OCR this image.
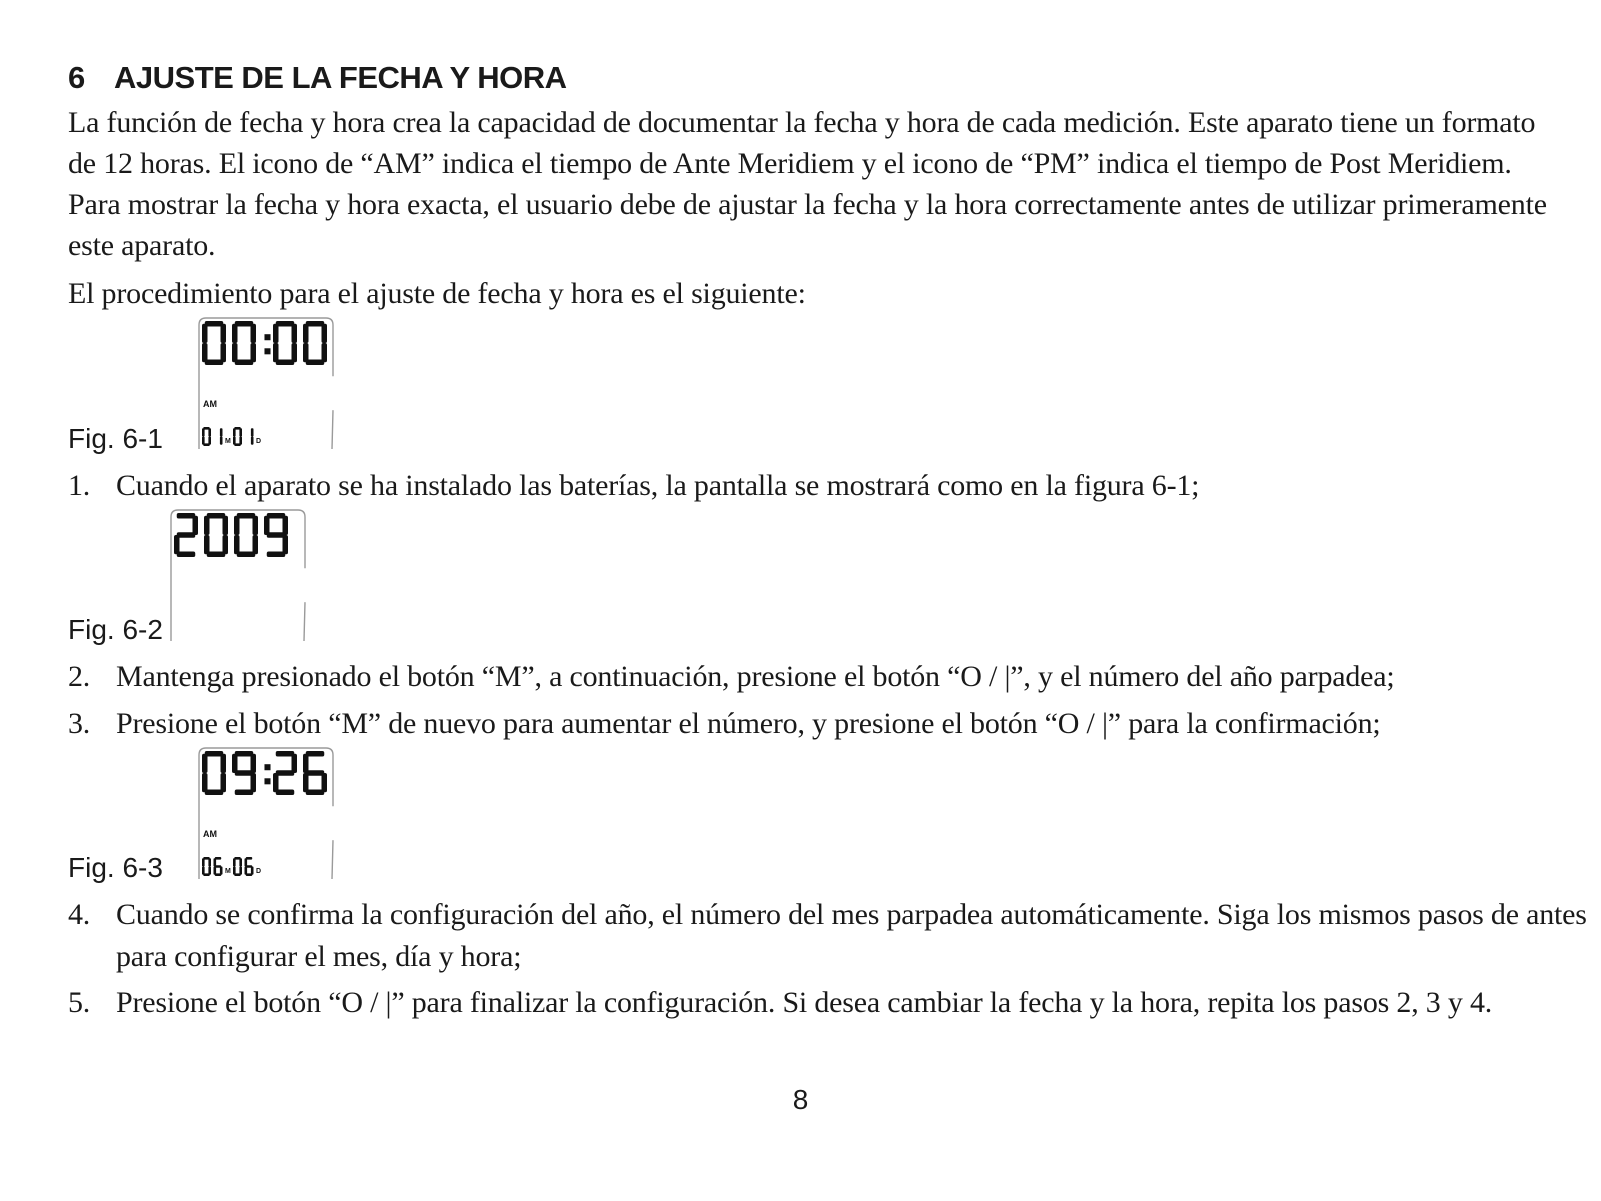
6 AJUSTE DE LA FECHA Y HORA
La función de fecha y hora crea la capacidad de documentar la fecha y hora de cada medición. Este aparato tiene un formato de 12 horas. El icono de “AM” indica el tiempo de Ante Meridiem y el icono de “PM” indica el tiempo de Post Meridiem. Para mostrar la fecha y hora exacta, el usuario debe de ajustar la fecha y la hora correctamente antes de utilizar primeramente este aparato.
El procedimiento para el ajuste de fecha y hora es el siguiente:
AM
M	D
Fig. 6-1
1. Cuando el aparato se ha instalado las baterías, la pantalla se mostrará como en la figura 6-1;
Fig. 6-2
2. Mantenga presionado el botón “M”, a continuación, presione el botón “O / |”, y el número del año parpadea;
3. Presione el botón “M” de nuevo para aumentar el número, y presione el botón “O / |” para la confirmación;
AM
M	D
Fig. 6-3
4. Cuando se confirma la configuración del año, el número del mes parpadea automáticamente. Siga los mismos pasos de antes para configurar el mes, día y hora;
5. Presione el botón “O / |” para finalizar la configuración. Si desea cambiar la fecha y la hora, repita los pasos 2, 3 y 4.
8
